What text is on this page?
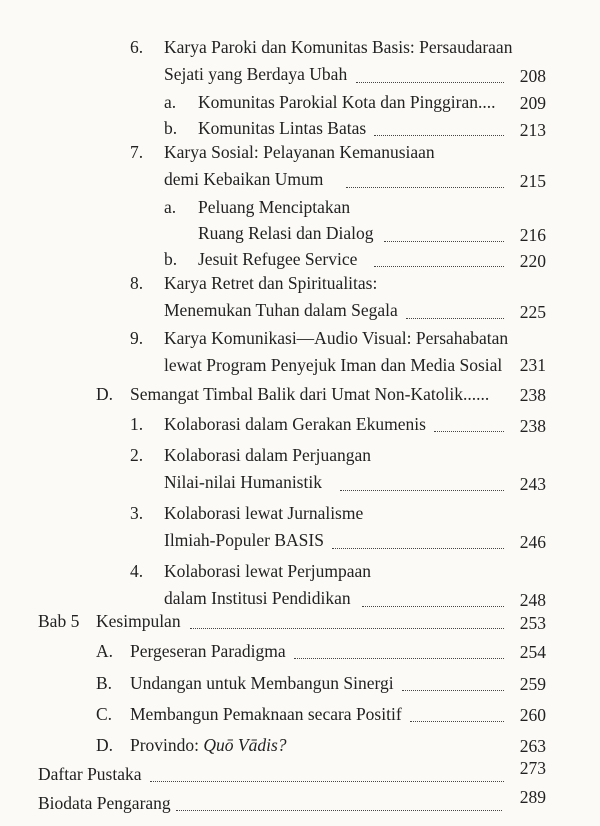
6. Karya Paroki dan Komunitas Basis: Persaudaraan
Sejati yang Berdaya Ubah	208
a. Komunitas Parokial Kota dan Pinggiran.... 209
b. Komunitas Lintas Batas	213
7. Karya Sosial: Pelayanan Kemanusiaan
demi Kebaikan Umum	215
a. Peluang Menciptakan
Ruang Relasi dan Dialog	216
b. Jesuit Refugee Service	220
8. Karya Retret dan Spiritualitas:
Menemukan Tuhan dalam Segala	225
9. Karya Komunikasi—Audio Visual: Persahabatan
lewat Program Penyejuk Iman dan Media Sosial 231
D. Semangat Timbal Balik dari Umat Non-Katolik...... 238
1. Kolaborasi dalam Gerakan Ekumenis	238
2. Kolaborasi dalam Perjuangan
Nilai-nilai Humanistik	243
3. Kolaborasi lewat Jurnalisme
Ilmiah-Populer BASIS	246
4. Kolaborasi lewat Perjumpaan
dalam Institusi Pendidikan	248
Bab 5 Kesimpulan	253
A. Pergeseran Paradigma	254
B. Undangan untuk Membangun Sinergi	259
C. Membangun Pemaknaan secara Positif	260
D. Provindo: Quō Vādis?	263
Daftar Pustaka	273
Biodata Pengarang	289
